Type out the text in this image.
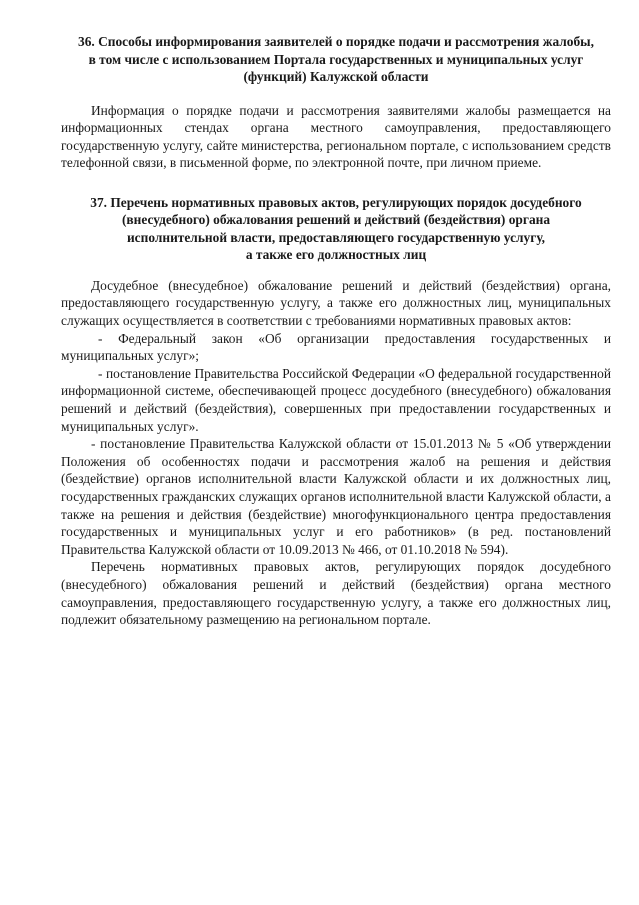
36. Способы информирования заявителей о порядке подачи и рассмотрения жалобы,
в том числе с использованием Портала государственных и муниципальных услуг
(функций) Калужской области

Информация о порядке подачи и рассмотрения заявителями жалобы размещается на информационных стендах органа местного самоуправления, предоставляющего государственную услугу, сайте министерства, региональном портале, с использованием средств телефонной связи, в письменной форме, по электронной почте, при личном приеме.

37. Перечень нормативных правовых актов, регулирующих порядок досудебного
(внесудебного) обжалования решений и действий (бездействия) органа
исполнительной власти, предоставляющего государственную услугу,
а также его должностных лиц

Досудебное (внесудебное) обжалование решений и действий (бездействия) органа, предоставляющего государственную услугу, а также его должностных лиц, муниципальных служащих осуществляется в соответствии с требованиями нормативных правовых актов:

- Федеральный закон «Об организации предоставления государственных и муниципальных услуг»;

- постановление Правительства Российской Федерации «О федеральной государственной информационной системе, обеспечивающей процесс досудебного (внесудебного) обжалования решений и действий (бездействия), совершенных при предоставлении государственных и муниципальных услуг».

- постановление Правительства Калужской области от 15.01.2013 № 5 «Об утверждении Положения об особенностях подачи и рассмотрения жалоб на решения и действия (бездействие) органов исполнительной власти Калужской области и их должностных лиц, государственных гражданских служащих органов исполнительной власти Калужской области, а также на решения и действия (бездействие) многофункционального центра предоставления государственных и муниципальных услуг и его работников» (в ред. постановлений Правительства Калужской области от 10.09.2013 № 466, от 01.10.2018 № 594).

Перечень нормативных правовых актов, регулирующих порядок досудебного (внесудебного) обжалования решений и действий (бездействия) органа местного самоуправления, предоставляющего государственную услугу, а также его должностных лиц, подлежит обязательному размещению на региональном портале.
